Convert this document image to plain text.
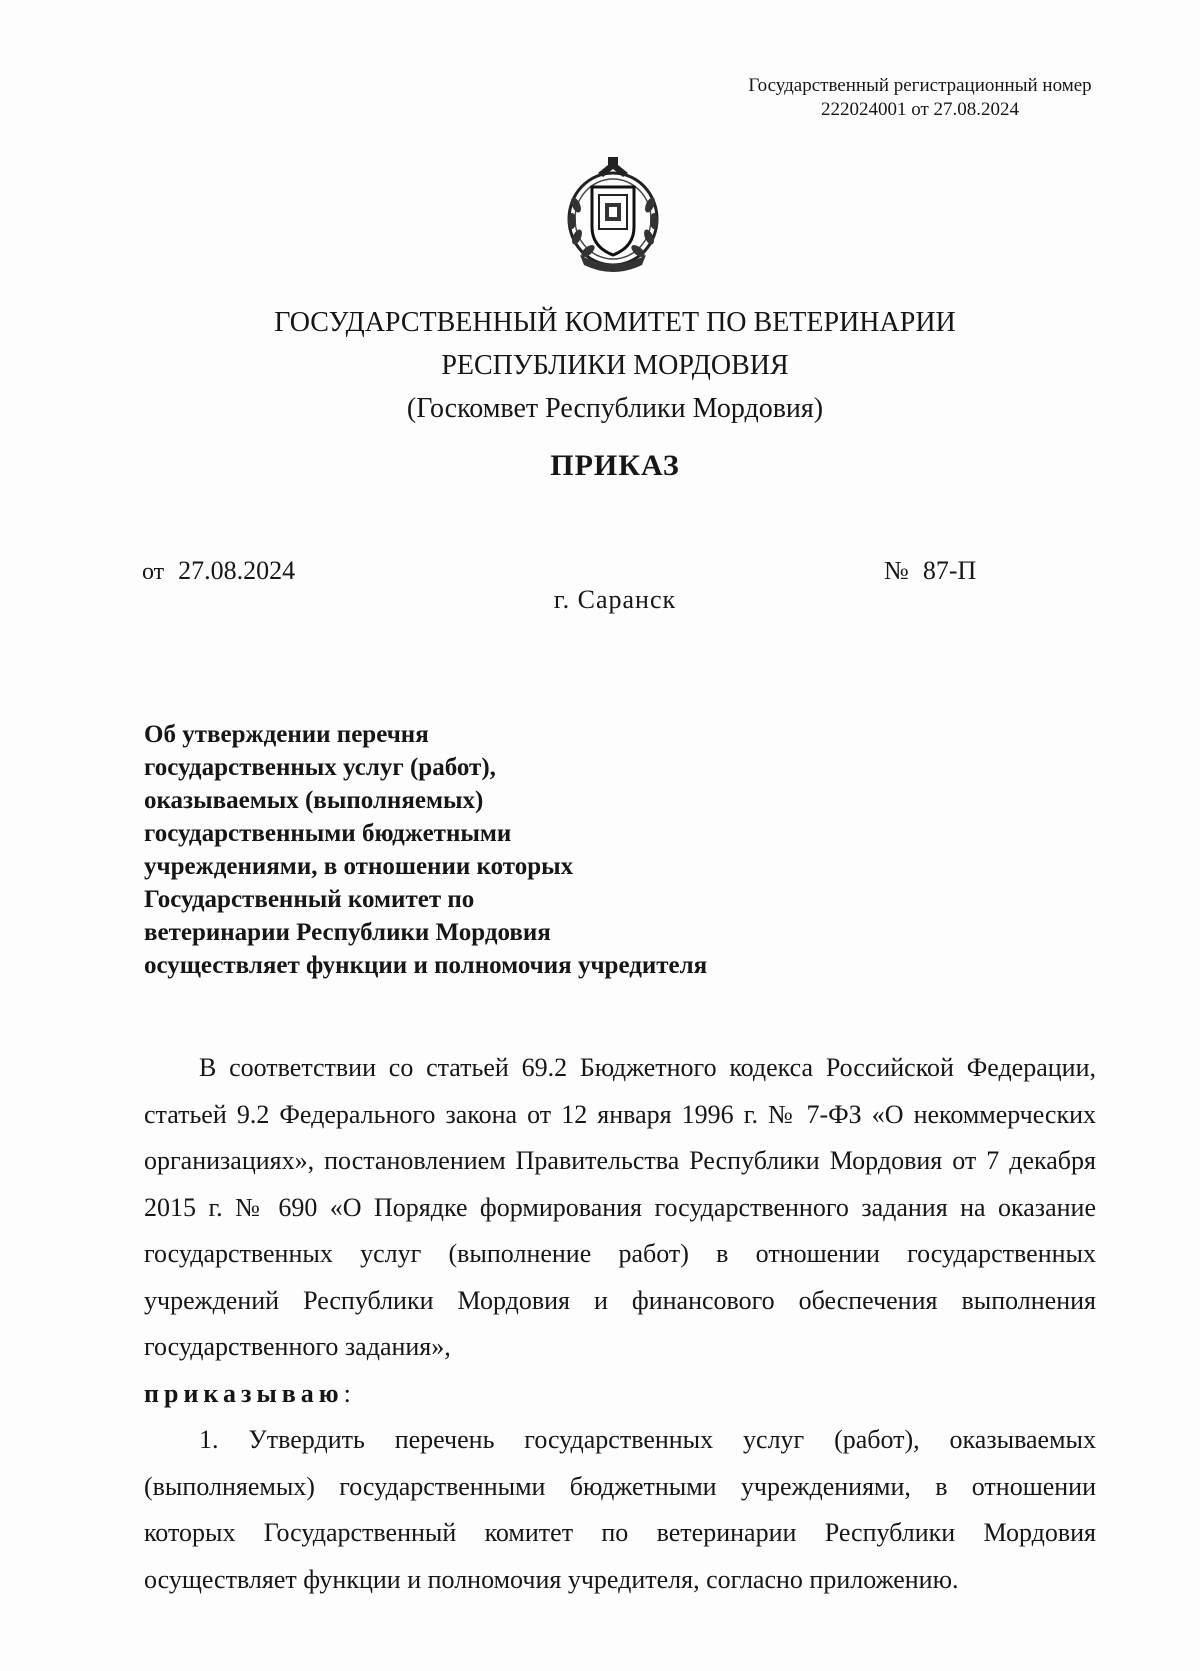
Государственный регистрационный номер
222024001 от 27.08.2024
ГОСУДАРСТВЕННЫЙ КОМИТЕТ ПО ВЕТЕРИНАРИИ
РЕСПУБЛИКИ МОРДОВИЯ
(Госкомвет Республики Мордовия)
ПРИКАЗ
от 27.08.2024	№ 87-П
г. Саранск
Об утверждении перечня
государственных услуг (работ),
оказываемых (выполняемых)
государственными бюджетными
учреждениями, в отношении которых
Государственный комитет по
ветеринарии Республики Мордовия
осуществляет функции и полномочия учредителя

В соответствии со статьей 69.2 Бюджетного кодекса Российской Федерации, статьей 9.2 Федерального закона от 12 января 1996 г. № 7-ФЗ «О некоммерческих организациях», постановлением Правительства Республики Мордовия от 7 декабря 2015 г. № 690 «О Порядке формирования государственного задания на оказание государственных услуг (выполнение работ) в отношении государственных учреждений Республики Мордовия и финансового обеспечения выполнения государственного задания»,

приказываю:

1. Утвердить перечень государственных услуг (работ), оказываемых (выполняемых) государственными бюджетными учреждениями, в отношении которых Государственный комитет по ветеринарии Республики Мордовия осуществляет функции и полномочия учредителя, согласно приложению.
